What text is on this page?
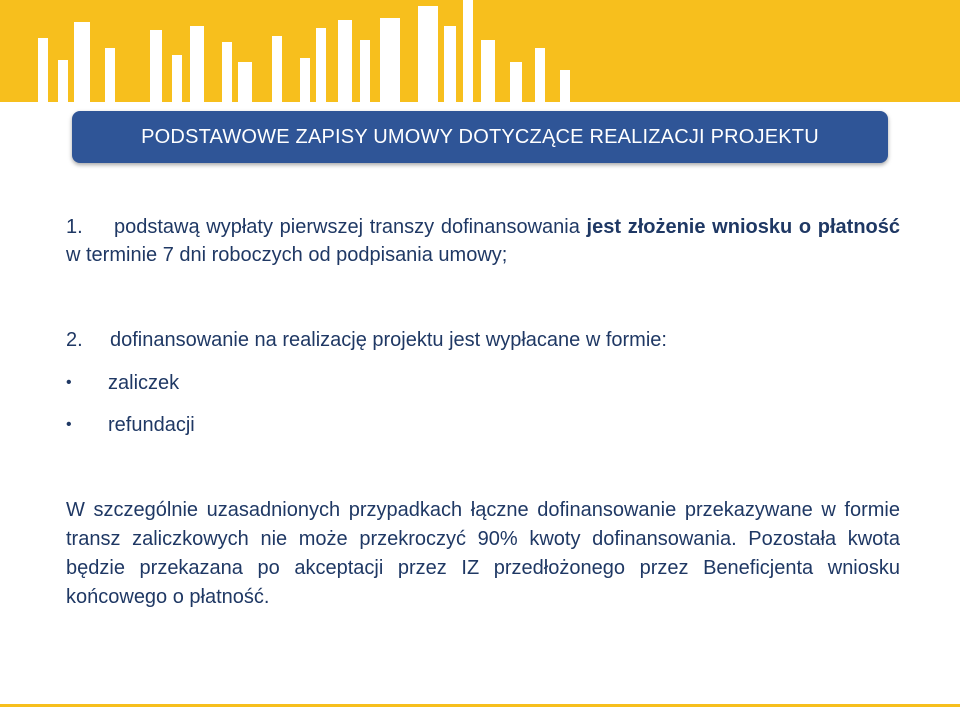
PODSTAWOWE ZAPISY UMOWY DOTYCZĄCE REALIZACJI PROJEKTU
1. podstawą wypłaty pierwszej transzy dofinansowania jest złożenie wniosku o płatność w terminie 7 dni roboczych od podpisania umowy;
2. dofinansowanie na realizację projektu jest wypłacane w formie:
•	zaliczek
•	refundacji
W szczególnie uzasadnionych przypadkach łączne dofinansowanie przekazywane w formie transz zaliczkowych nie może przekroczyć 90% kwoty dofinansowania. Pozostała kwota będzie przekazana po akceptacji przez IZ przedłożonego przez Beneficjenta wniosku końcowego o płatność.
